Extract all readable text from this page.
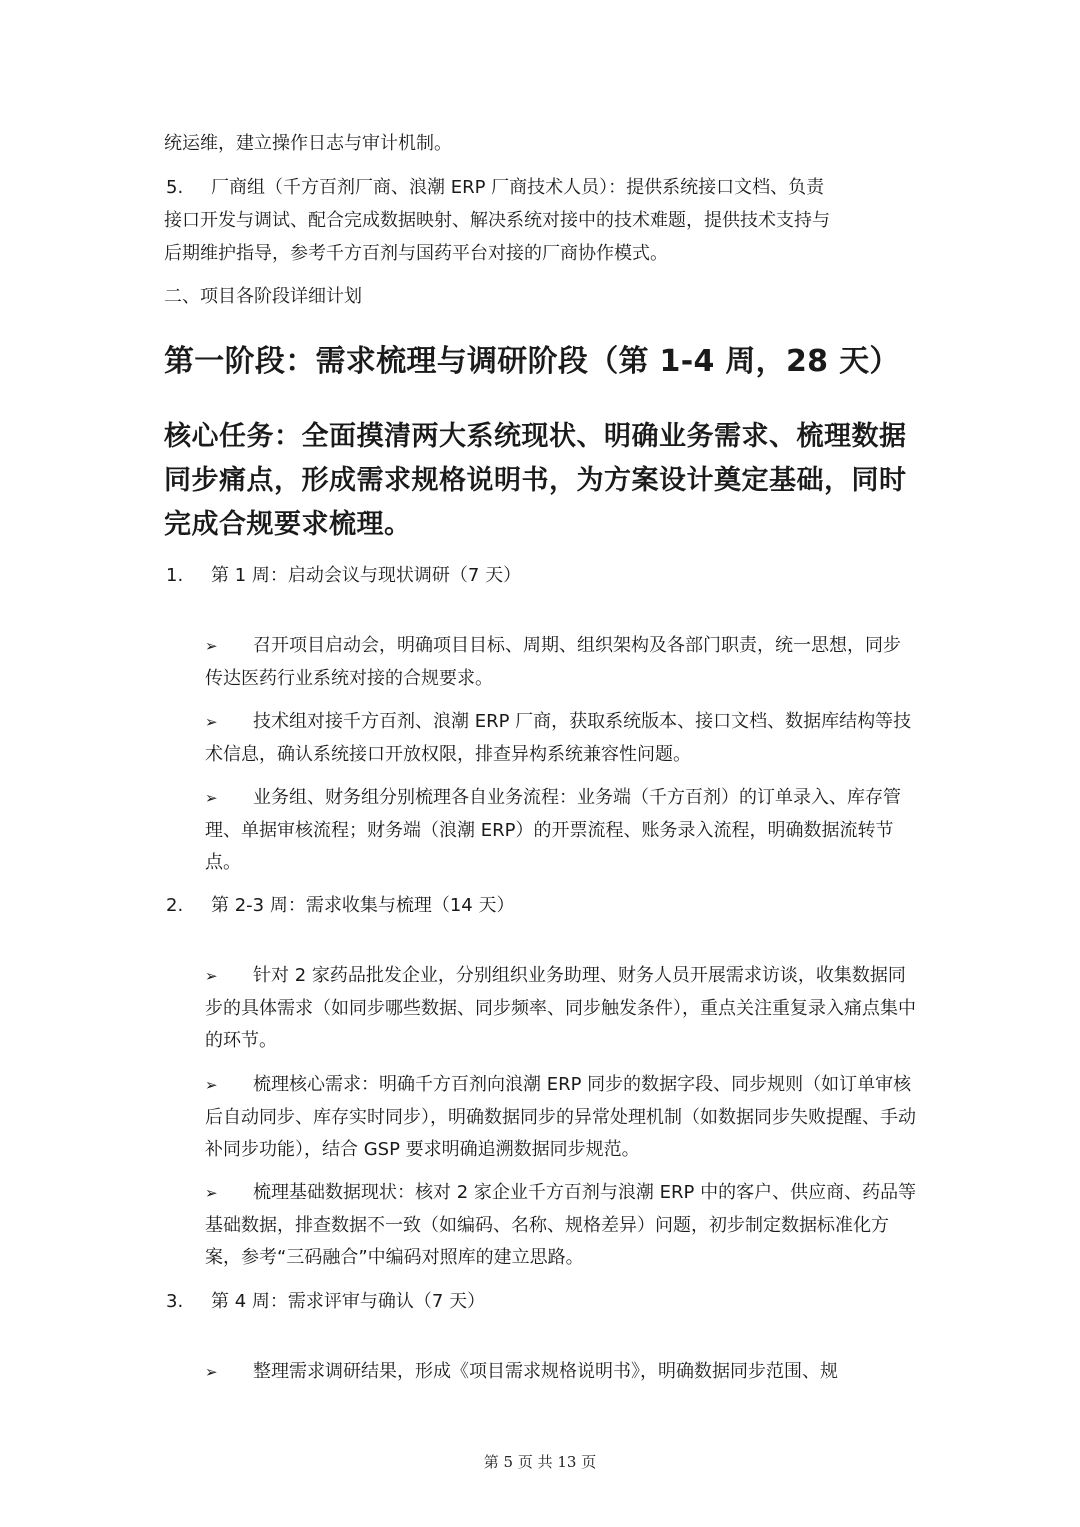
统运维，建立操作日志与审计机制。

5. 厂商组（千方百剂厂商、浪潮 ERP 厂商技术人员）：提供系统接口文档、负责

接口开发与调试、配合完成数据映射、解决系统对接中的技术难题，提供技术支持与

后期维护指导，参考千方百剂与国药平台对接的厂商协作模式。

二、项目各阶段详细计划

第一阶段：需求梳理与调研阶段（第 1-4 周，28 天）
核心任务：全面摸清两大系统现状、明确业务需求、梳理数据同步痛点，形成需求规格说明书，为方案设计奠定基础，同时完成合规要求梳理。
1. 第 1 周：启动会议与现状调研（7 天）
➢ 召开项目启动会，明确项目目标、周期、组织架构及各部门职责，统一思想，同步传达医药行业系统对接的合规要求。
➢ 技术组对接千方百剂、浪潮 ERP 厂商，获取系统版本、接口文档、数据库结构等技术信息，确认系统接口开放权限，排查异构系统兼容性问题。
➢ 业务组、财务组分别梳理各自业务流程：业务端（千方百剂）的订单录入、库存管理、单据审核流程；财务端（浪潮 ERP）的开票流程、账务录入流程，明确数据流转节点。
2. 第 2-3 周：需求收集与梳理（14 天）
➢ 针对 2 家药品批发企业，分别组织业务助理、财务人员开展需求访谈，收集数据同步的具体需求（如同步哪些数据、同步频率、同步触发条件），重点关注重复录入痛点集中的环节。
➢ 梳理核心需求：明确千方百剂向浪潮 ERP 同步的数据字段、同步规则（如订单审核后自动同步、库存实时同步），明确数据同步的异常处理机制（如数据同步失败提醒、手动补同步功能），结合 GSP 要求明确追溯数据同步规范。
➢ 梳理基础数据现状：核对 2 家企业千方百剂与浪潮 ERP 中的客户、供应商、药品等基础数据，排查数据不一致（如编码、名称、规格差异）问题，初步制定数据标准化方案，参考“三码融合”中编码对照库的建立思路。
3. 第 4 周：需求评审与确认（7 天）
➢ 整理需求调研结果，形成《项目需求规格说明书》，明确数据同步范围、规
第 5 页 共 13 页
